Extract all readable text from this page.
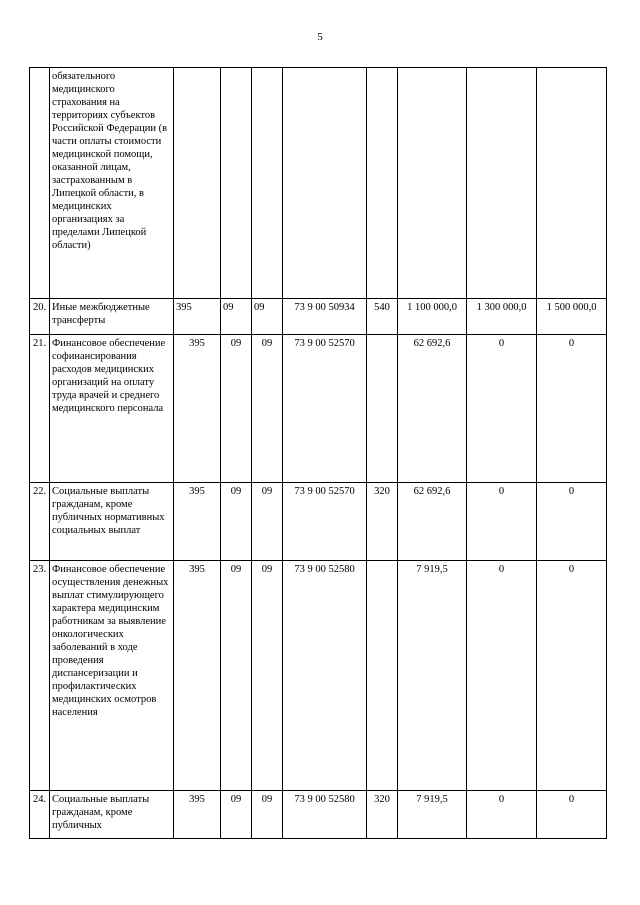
5
	обязательного медицинского страхования на территориях субъектов Российской Федерации (в части оплаты стоимости медицинской помощи, оказанной лицам, застрахованным в Липецкой области, в медицинских организациях за пределами Липецкой области)								
20.	Иные межбюджетные трансферты	395	09	09	73 9 00 50934	540	1 100 000,0	1 300 000,0	1 500 000,0
21.	Финансовое обеспечение софинансирования расходов медицинских организаций на оплату труда врачей и среднего медицинского персонала	395	09	09	73 9 00 52570		62 692,6	0	0
22.	Социальные выплаты гражданам, кроме публичных нормативных социальных выплат	395	09	09	73 9 00 52570	320	62 692,6	0	0
23.	Финансовое обеспечение осуществления денежных выплат стимулирующего характера медицинским работникам за выявление онкологических заболеваний в ходе проведения диспансеризации и профилактических медицинских осмотров населения	395	09	09	73 9 00 52580		7 919,5	0	0
24.	Социальные выплаты гражданам, кроме публичных	395	09	09	73 9 00 52580	320	7 919,5	0	0
